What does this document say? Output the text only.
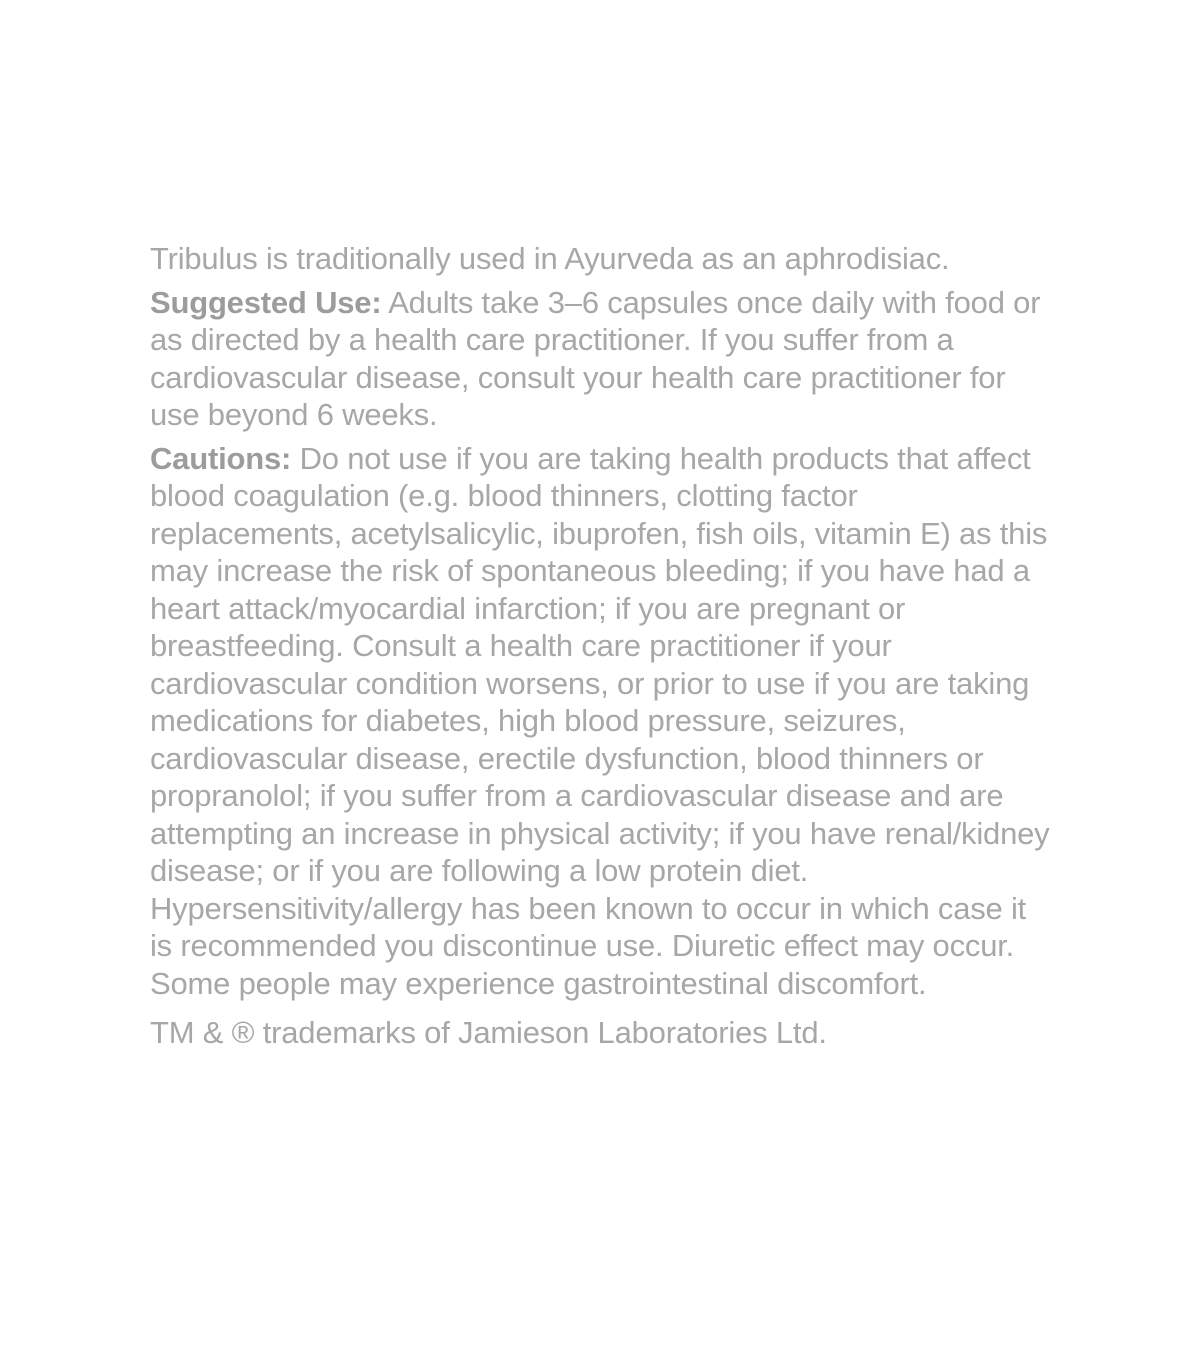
Tribulus is traditionally used in Ayurveda as an aphrodisiac.

Suggested Use: Adults take 3–6 capsules once daily with food or as directed by a health care practitioner. If you suffer from a cardiovascular disease, consult your health care practitioner for use beyond 6 weeks.

Cautions: Do not use if you are taking health products that affect blood coagulation (e.g. blood thinners, clotting factor replacements, acetylsalicylic, ibuprofen, fish oils, vitamin E) as this may increase the risk of spontaneous bleeding; if you have had a heart attack/myocardial infarction; if you are pregnant or breastfeeding. Consult a health care practitioner if your cardiovascular condition worsens, or prior to use if you are taking medications for diabetes, high blood pressure, seizures, cardiovascular disease, erectile dysfunction, blood thinners or propranolol; if you suffer from a cardiovascular disease and are attempting an increase in physical activity; if you have renal/kidney disease; or if you are following a low protein diet. Hypersensitivity/allergy has been known to occur in which case it is recommended you discontinue use. Diuretic effect may occur. Some people may experience gastrointestinal discomfort.

TM & ® trademarks of Jamieson Laboratories Ltd.
